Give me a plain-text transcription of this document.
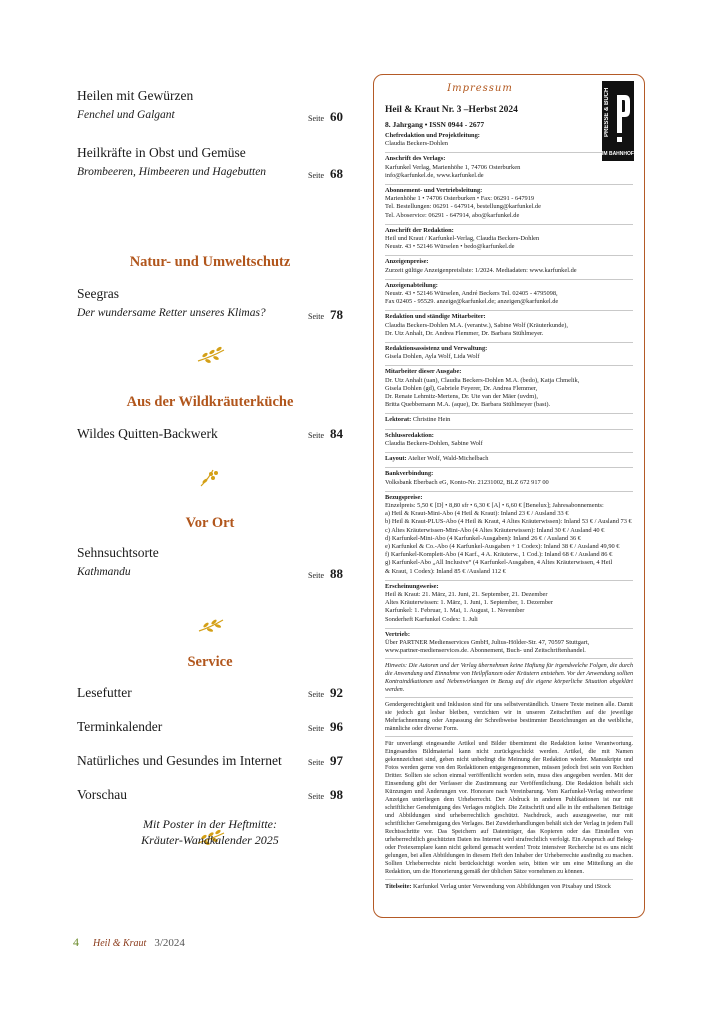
Heilen mit Gewürzen
Fenchel und Galgant	Seite 60
Heilkräfte in Obst und Gemüse
Brombeeren, Himbeeren und Hagebutten	Seite 68
Natur- und Umweltschutz
Seegras
Der wundersame Retter unseres Klimas?	Seite 78
Aus der Wildkräuterküche
Wildes Quitten-Backwerk	Seite 84
Vor Ort
Sehnsuchtsorte
Kathmandu	Seite 88
Service
Lesefutter	Seite 92
Terminkalender	Seite 96
Natürliches und Gesundes im Internet	Seite 97
Vorschau	Seite 98
Mit Poster in der Heftmitte:
Kräuter-Wandkalender 2025
4 Heil & Kraut 3/2024
Impressum	PRESSE & BUCH
IM BAHNHOF
Heil & Kraut Nr. 3 –Herbst 2024
8. Jahrgang • ISSN 0944 - 2677
Chefredaktion und Projektleitung:
Claudia Beckers-Dohlen
Anschrift des Verlags:
Karfunkel Verlag, Marienhöhe 1, 74706 Osterburken
info@karfunkel.de, www.karfunkel.de
Abonnement- und Vertriebsleitung:
Marienhöhe 1 • 74706 Osterburken • Fax: 06291 - 647919
Tel. Bestellungen: 06291 - 647914, bestellung@karfunkel.de
Tel. Aboservice: 06291 - 647914, abo@karfunkel.de
Anschrift der Redaktion:
Heil und Kraut / Karfunkel-Verlag, Claudia Beckers-Dohlen
Neustr. 43 • 52146 Würselen • bedo@karfunkel.de
Anzeigenpreise:
Zurzeit gültige Anzeigenpreisliste: 1/2024. Mediadaten: www.karfunkel.de
Anzeigenabteilung:
Neustr. 43 • 52146 Würselen, André Beckers Tel. 02405 - 4795098,
Fax 02405 - 95529. anzeige@karfunkel.de; anzeigen@karfunkel.de
Redaktion und ständige Mitarbeiter:
Claudia Beckers-Dohlen M.A. (verantw.), Sabine Wolf (Kräuterkunde),
Dr. Utz Anhalt, Dr. Andrea Flemmer, Dr. Barbara Stühlmeyer.
Redaktionsassistenz und Verwaltung:
Gisela Dohlen, Ayla Wolf, Lida Wolf
Mitarbeiter dieser Ausgabe:
Dr. Utz Anhalt (uan), Claudia Beckers-Dohlen M.A. (bedo), Katja Chmelik,
Gisela Dohlen (gd), Gabriele Feyerer, Dr. Andrea Flemmer,
Dr. Renate Lehmitz-Mertens, Dr. Ute van der Mäer (uvdm),
Britta Quebbemann M.A. (aque), Dr. Barbara Stühlmeyer (bast).
Lektorat: Christine Hein
Schlussredaktion:
Claudia Beckers-Dohlen, Sabine Wolf
Layout: Atelier Wolf, Wald-Michelbach
Bankverbindung:
Volksbank Eberbach eG, Konto-Nr. 21231002, BLZ 672 917 00
Bezugspreise:
Einzelpreis: 5,50 € [D] • 8,80 sfr • 6,30 € [A] • 6,60 € [Benelux]; Jahresabonnements:
a) Heil & Kraut-Mini-Abo (4 Heil & Kraut): Inland 23 € / Ausland 33 €
b) Heil & Kraut-PLUS-Abo (4 Heil & Kraut, 4 Altes Kräuterwissen): Inland 53 € / Ausland 73 €
c) Altes Kräuterwissen-Mini-Abo (4 Altes Kräuterwissen): Inland 30 € / Ausland 40 €
d) Karfunkel-Mini-Abo (4 Karfunkel-Ausgaben): Inland 26 € / Ausland 36 €
e) Karfunkel & Co.-Abo (4 Karfunkel-Ausgaben + 1 Codex): Inland 38 € / Ausland 49,90 €
f) Karfunkel-Komplett-Abo (4 Karf., 4 A. Kräuterw., 1 Cod.): Inland 68 € / Ausland 86 €
g) Karfunkel-Abo „All Inclusive“ (4 Karfunkel-Ausgaben, 4 Altes Kräuterwissen, 4 Heil
& Kraut, 1 Codex): Inland 85 € /Ausland 112 €
Erscheinungsweise:
Heil & Kraut: 21. März, 21. Juni, 21. September, 21. Dezember
Altes Kräuterwissen: 1. März, 1. Juni, 1. September, 1. Dezember
Karfunkel: 1. Februar, 1. Mai, 1. August, 1. November
Sonderheft Karfunkel Codex: 1. Juli
Vertrieb:
Über PARTNER Medienservices GmbH, Julius-Hölder-Str. 47, 70597 Stuttgart,
www.partner-medienservices.de. Abonnement, Buch- und Zeitschriftenhandel.
Hinweis: Die Autoren und der Verlag übernehmen keine Haftung für irgendwelche Folgen, die durch die Anwendung und Einnahme von Heilpflanzen oder Kräutern entstehen. Vor der Anwendung sollten Kontraindikationen und Nebenwirkungen in Bezug auf die eigene körperliche Situation abgeklärt werden.
Gendergerechtigkeit und Inklusion sind für uns selbstverständlich. Unsere Texte meinen alle. Damit sie jedoch gut lesbar bleiben, verzichten wir in unseren Zeitschriften auf die jeweilige Mehrfachnennung oder Anpassung der Schreibweise bestimmter Bezeichnungen an die weibliche, männliche oder diverse Form.
Für unverlangt eingesandte Artikel und Bilder übernimmt die Redaktion keine Verantwortung. Eingesandtes Bildmaterial kann nicht zurückgeschickt werden. Artikel, die mit Namen gekennzeichnet sind, geben nicht unbedingt die Meinung der Redaktion wieder. Manuskripte und Fotos werden gerne von den Redaktionen entgegengenommen, müssen jedoch frei sein von Rechten Dritter. Sollten sie schon einmal veröffentlicht worden sein, muss dies angegeben werden. Mit der Einsendung gibt der Verfasser die Zustimmung zur Veröffentlichung. Die Redaktion behält sich Kürzungen und Änderungen vor. Honorare nach Vereinbarung. Vom Karfunkel-Verlag entworfene Anzeigen unterliegen dem Urheberrecht. Der Abdruck in anderen Publikationen ist nur mit schriftlicher Genehmigung des Verlages möglich. Die Zeitschrift und alle in ihr enthaltenen Beiträge und Abbildungen sind urheberrechtlich geschützt. Nachdruck, auch auszugsweise, nur mit schriftlicher Genehmigung des Verlages. Bei Zuwiderhandlungen behält sich der Verlag in jedem Fall Rechtsschritte vor. Das Speichern auf Datenträger, das Kopieren oder das Einstellen von urheberrechtlich geschützten Daten ins Internet wird strafrechtlich verfolgt. Ein Anspruch auf Beleg- oder Freiexemplare kann nicht geltend gemacht werden! Trotz intensiver Recherche ist es uns nicht gelungen, bei allen Abbildungen in diesem Heft den Inhaber der Urheberrechte ausfindig zu machen. Sollten Urheberrechte nicht berücksichtigt worden sein, bitten wir um eine Mitteilung an die Redaktion, um die Honorierung gemäß der üblichen Sätze vornehmen zu können.
Titelseite: Karfunkel Verlag unter Verwendung von Abbildungen von Pixabay und iStock
